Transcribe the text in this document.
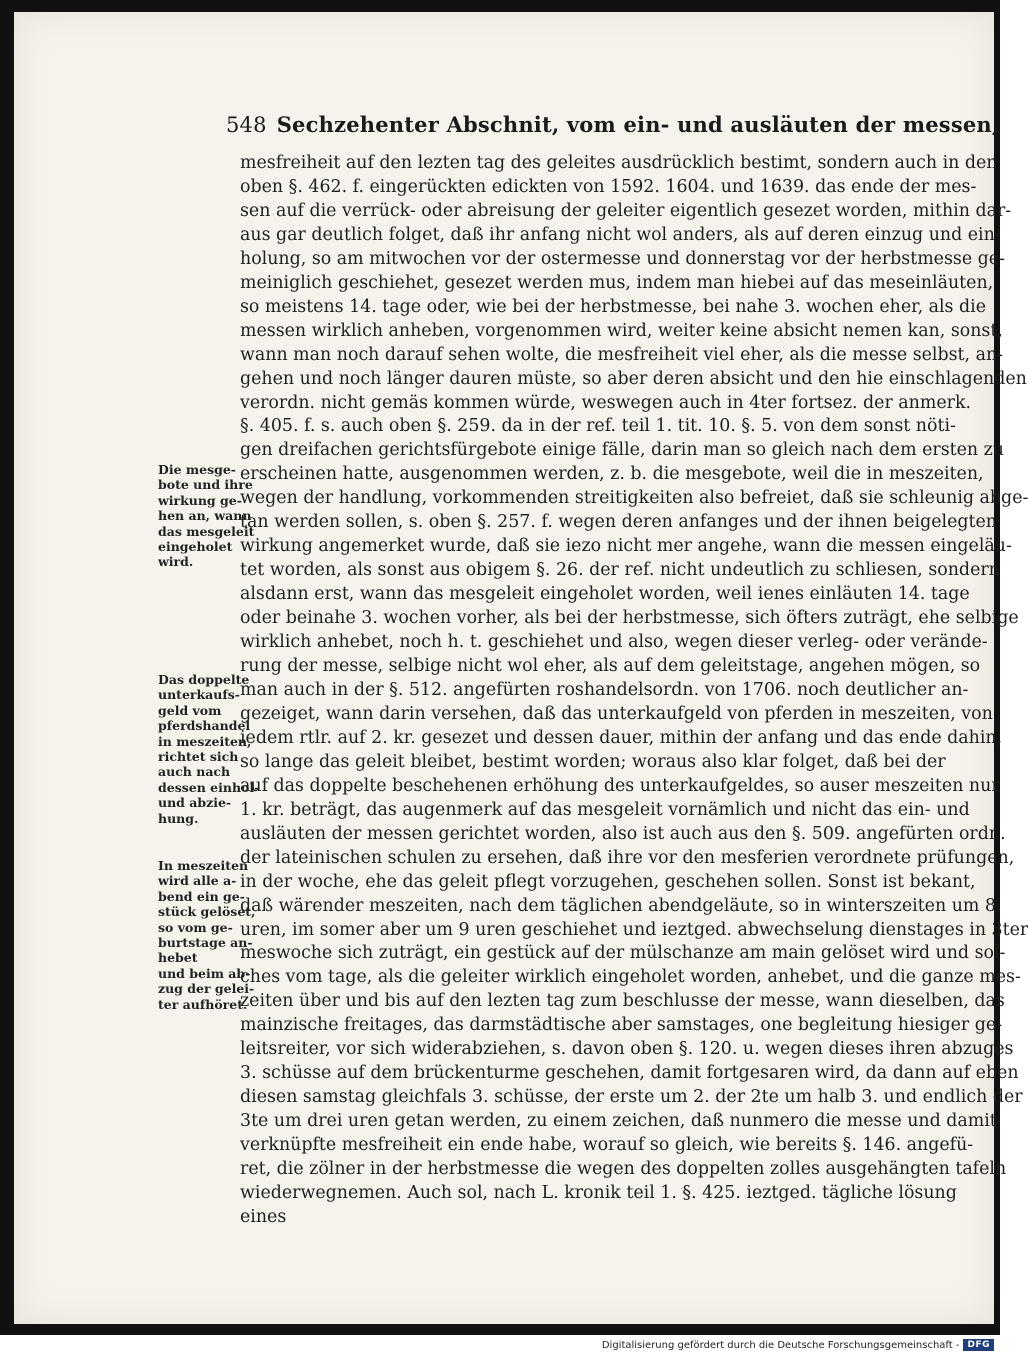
548 Sechzehenter Abschnit, vom ein- und ausläuten der messen,
mesfreiheit auf den lezten tag des geleites ausdrücklich bestimt, sondern auch in den
oben §. 462. f. eingerückten edickten von 1592. 1604. und 1639. das ende der mes-
sen auf die verrück- oder abreisung der geleiter eigentlich gesezet worden, mithin dar-
aus gar deutlich folget, daß ihr anfang nicht wol anders, als auf deren einzug und ein-
holung, so am mitwochen vor der ostermesse und donnerstag vor der herbstmesse ge-
meiniglich geschiehet, gesezet werden mus, indem man hiebei auf das meseinläuten,
so meistens 14. tage oder, wie bei der herbstmesse, bei nahe 3. wochen eher, als die
messen wirklich anheben, vorgenommen wird, weiter keine absicht nemen kan, sonst,
wann man noch darauf sehen wolte, die mesfreiheit viel eher, als die messe selbst, an-
gehen und noch länger dauren müste, so aber deren absicht und den hie einschlagenden
verordn. nicht gemäs kommen würde, weswegen auch in 4ter fortsez. der anmerk.
§. 405. f. s. auch oben §. 259. da in der ref. teil 1. tit. 10. §. 5. von dem sonst nöti-
gen dreifachen gerichtsfürgebote einige fälle, darin man so gleich nach dem ersten zu
erscheinen hatte, ausgenommen werden, z. b. die mesgebote, weil die in meszeiten,
wegen der handlung, vorkommenden streitigkeiten also befreiet, daß sie schleunig abge-
tan werden sollen, s. oben §. 257. f. wegen deren anfanges und der ihnen beigelegten
wirkung angemerket wurde, daß sie iezo nicht mer angehe, wann die messen eingeläu-
tet worden, als sonst aus obigem §. 26. der ref. nicht undeutlich zu schliesen, sondern
alsdann erst, wann das mesgeleit eingeholet worden, weil ienes einläuten 14. tage
oder beinahe 3. wochen vorher, als bei der herbstmesse, sich öfters zuträgt, ehe selbige
wirklich anhebet, noch h. t. geschiehet und also, wegen dieser verleg- oder verände-
rung der messe, selbige nicht wol eher, als auf dem geleitstage, angehen mögen, so
man auch in der §. 512. angefürten roshandelsordn. von 1706. noch deutlicher an-
gezeiget, wann darin versehen, daß das unterkaufgeld von pferden in meszeiten, von
iedem rtlr. auf 2. kr. gesezet und dessen dauer, mithin der anfang und das ende dahin,
so lange das geleit bleibet, bestimt worden; woraus also klar folget, daß bei der
auf das doppelte beschehenen erhöhung des unterkaufgeldes, so auser meszeiten nur
1. kr. beträgt, das augenmerk auf das mesgeleit vornämlich und nicht das ein- und
ausläuten der messen gerichtet worden, also ist auch aus den §. 509. angefürten ordn.
der lateinischen schulen zu ersehen, daß ihre vor den mesferien verordnete prüfungen,
in der woche, ehe das geleit pflegt vorzugehen, geschehen sollen. Sonst ist bekant,
daß wärender meszeiten, nach dem täglichen abendgeläute, so in winterszeiten um 8.
uren, im somer aber um 9 uren geschiehet und ieztged. abwechselung dienstages in 3ter
meswoche sich zuträgt, ein gestück auf der mülschanze am main gelöset wird und sol-
ches vom tage, als die geleiter wirklich eingeholet worden, anhebet, und die ganze mes-
zeiten über und bis auf den lezten tag zum beschlusse der messe, wann dieselben, das
mainzische freitages, das darmstädtische aber samstages, one begleitung hiesiger ge-
leitsreiter, vor sich widerabziehen, s. davon oben §. 120. u. wegen dieses ihren abzuges
3. schüsse auf dem brückenturme geschehen, damit fortgesaren wird, da dann auf eben
diesen samstag gleichfals 3. schüsse, der erste um 2. der 2te um halb 3. und endlich der
3te um drei uren getan werden, zu einem zeichen, daß nunmero die messe und damit
verknüpfte mesfreiheit ein ende habe, worauf so gleich, wie bereits §. 146. angefü-
ret, die zölner in der herbstmesse die wegen des doppelten zolles ausgehängten tafeln
wiederwegnemen. Auch sol, nach L. kronik teil 1. §. 425. ieztged. tägliche lösung
eines
Die mesge-
bote und ihre
wirkung ge-
hen an, wann
das mesgeleit
eingeholet
wird.
Das doppelte
unterkaufs-
geld vom
pferdshandel
in meszeiten,
richtet sich
auch nach
dessen einhol-
und abzie-
hung.
In meszeiten
wird alle a-
bend ein ge-
stück gelöset,
so vom ge-
burtstage an-
hebet
und beim ab-
zug der gelei-
ter aufhöret.
Digitalisierung gefördert durch die Deutsche Forschungsgemeinschaft - DFG
